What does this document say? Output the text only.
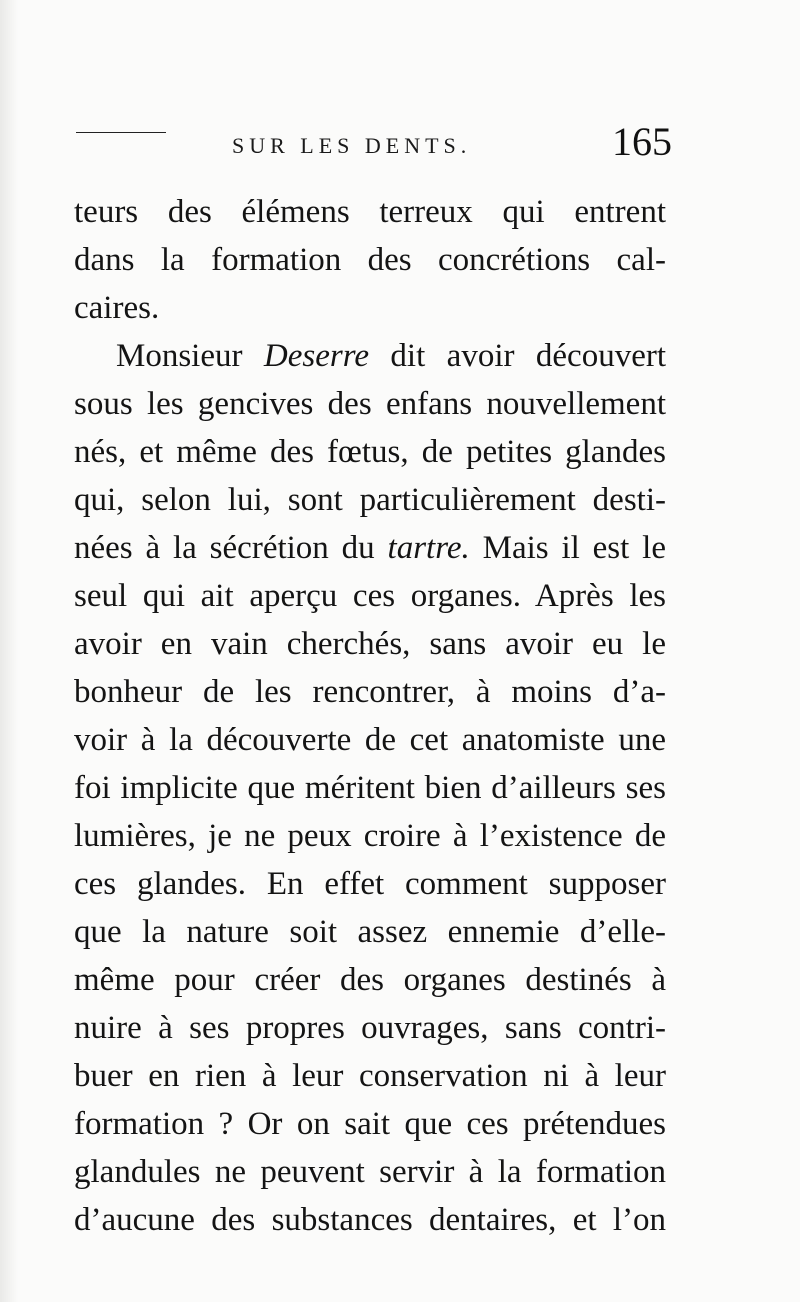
SUR LES DENTS.	165
teurs des élémens terreux qui entrent
dans la formation des concrétions cal-
caires.
Monsieur Deserre dit avoir découvert
sous les gencives des enfans nouvellement
nés, et même des fœtus, de petites glandes
qui, selon lui, sont particulièrement desti-
nées à la sécrétion du tartre. Mais il est le
seul qui ait aperçu ces organes. Après les
avoir en vain cherchés, sans avoir eu le
bonheur de les rencontrer, à moins d’a-
voir à la découverte de cet anatomiste une
foi implicite que méritent bien d’ailleurs ses
lumières, je ne peux croire à l’existence de
ces glandes. En effet comment supposer
que la nature soit assez ennemie d’elle-
même pour créer des organes destinés à
nuire à ses propres ouvrages, sans contri-
buer en rien à leur conservation ni à leur
formation ? Or on sait que ces prétendues
glandules ne peuvent servir à la formation
d’aucune des substances dentaires, et l’on
